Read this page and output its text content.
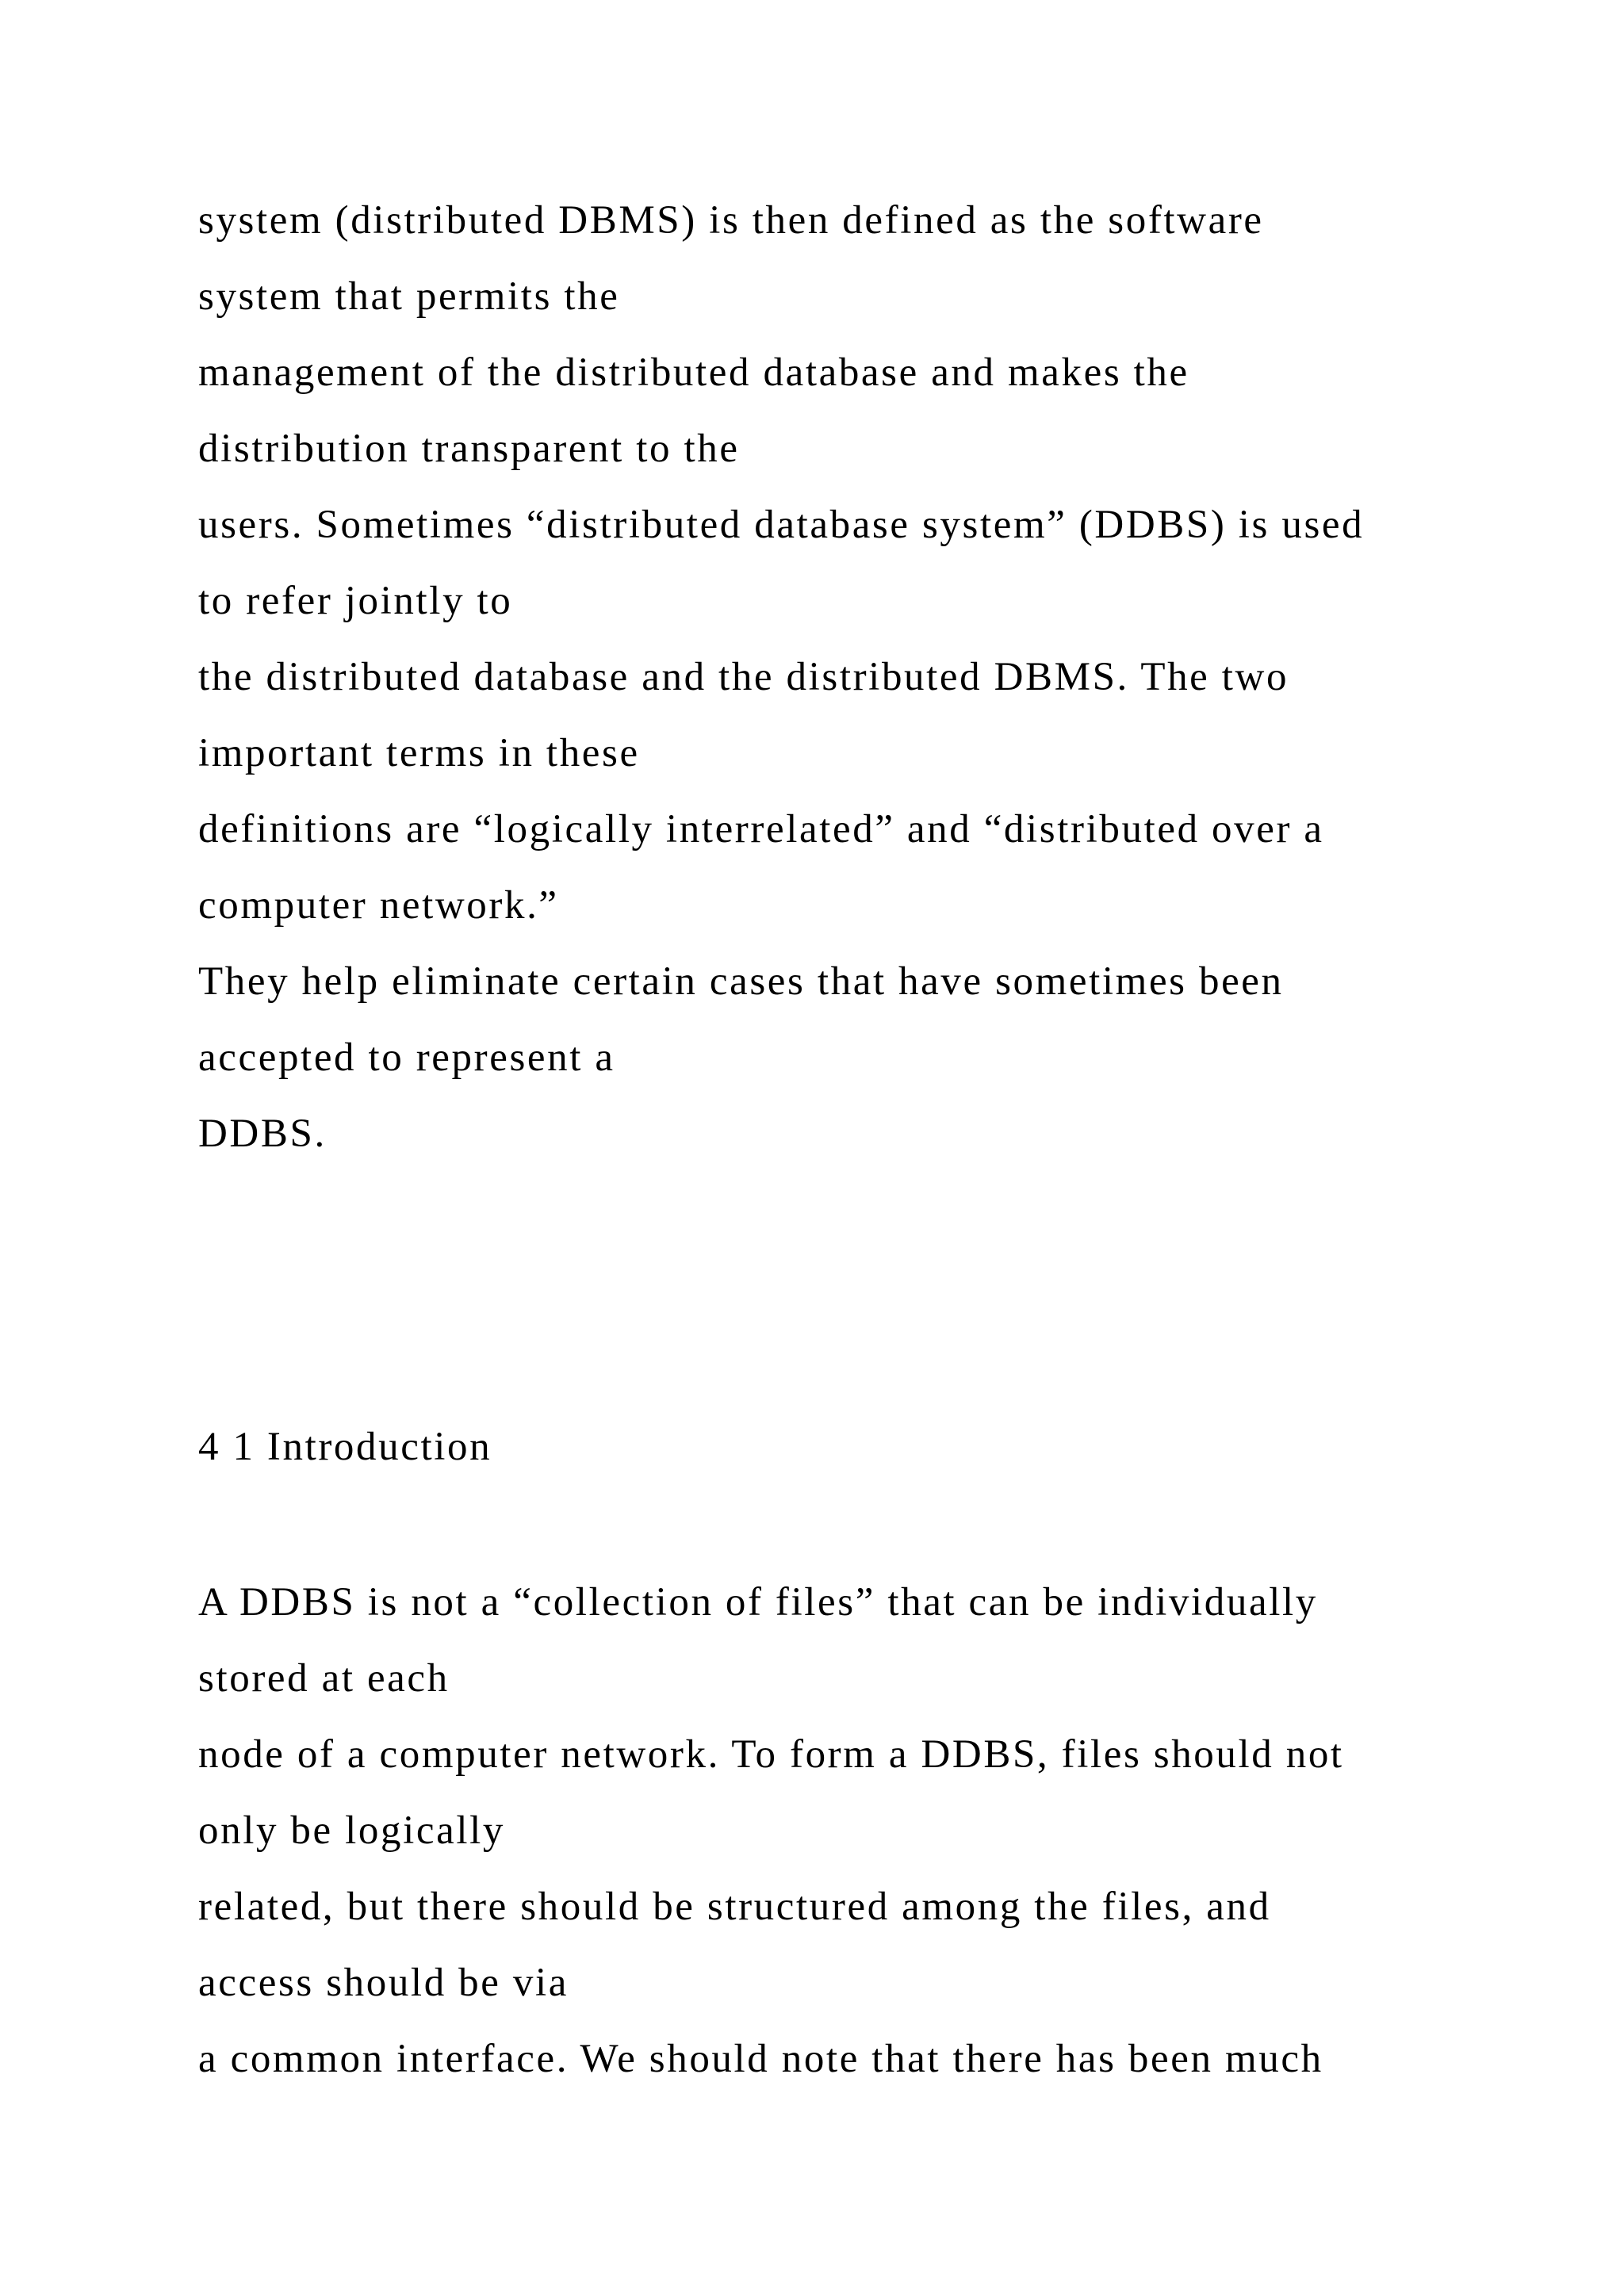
system (distributed DBMS) is then defined as the software
system that permits the
management of the distributed database and makes the
distribution transparent to the
users. Sometimes “distributed database system” (DDBS) is used
to refer jointly to
the distributed database and the distributed DBMS. The two
important terms in these
definitions are “logically interrelated” and “distributed over a
computer network.”
They help eliminate certain cases that have sometimes been
accepted to represent a
DDBS.
4 1 Introduction
A DDBS is not a “collection of files” that can be individually
stored at each
node of a computer network. To form a DDBS, files should not
only be logically
related, but there should be structured among the files, and
access should be via
a common interface. We should note that there has been much
